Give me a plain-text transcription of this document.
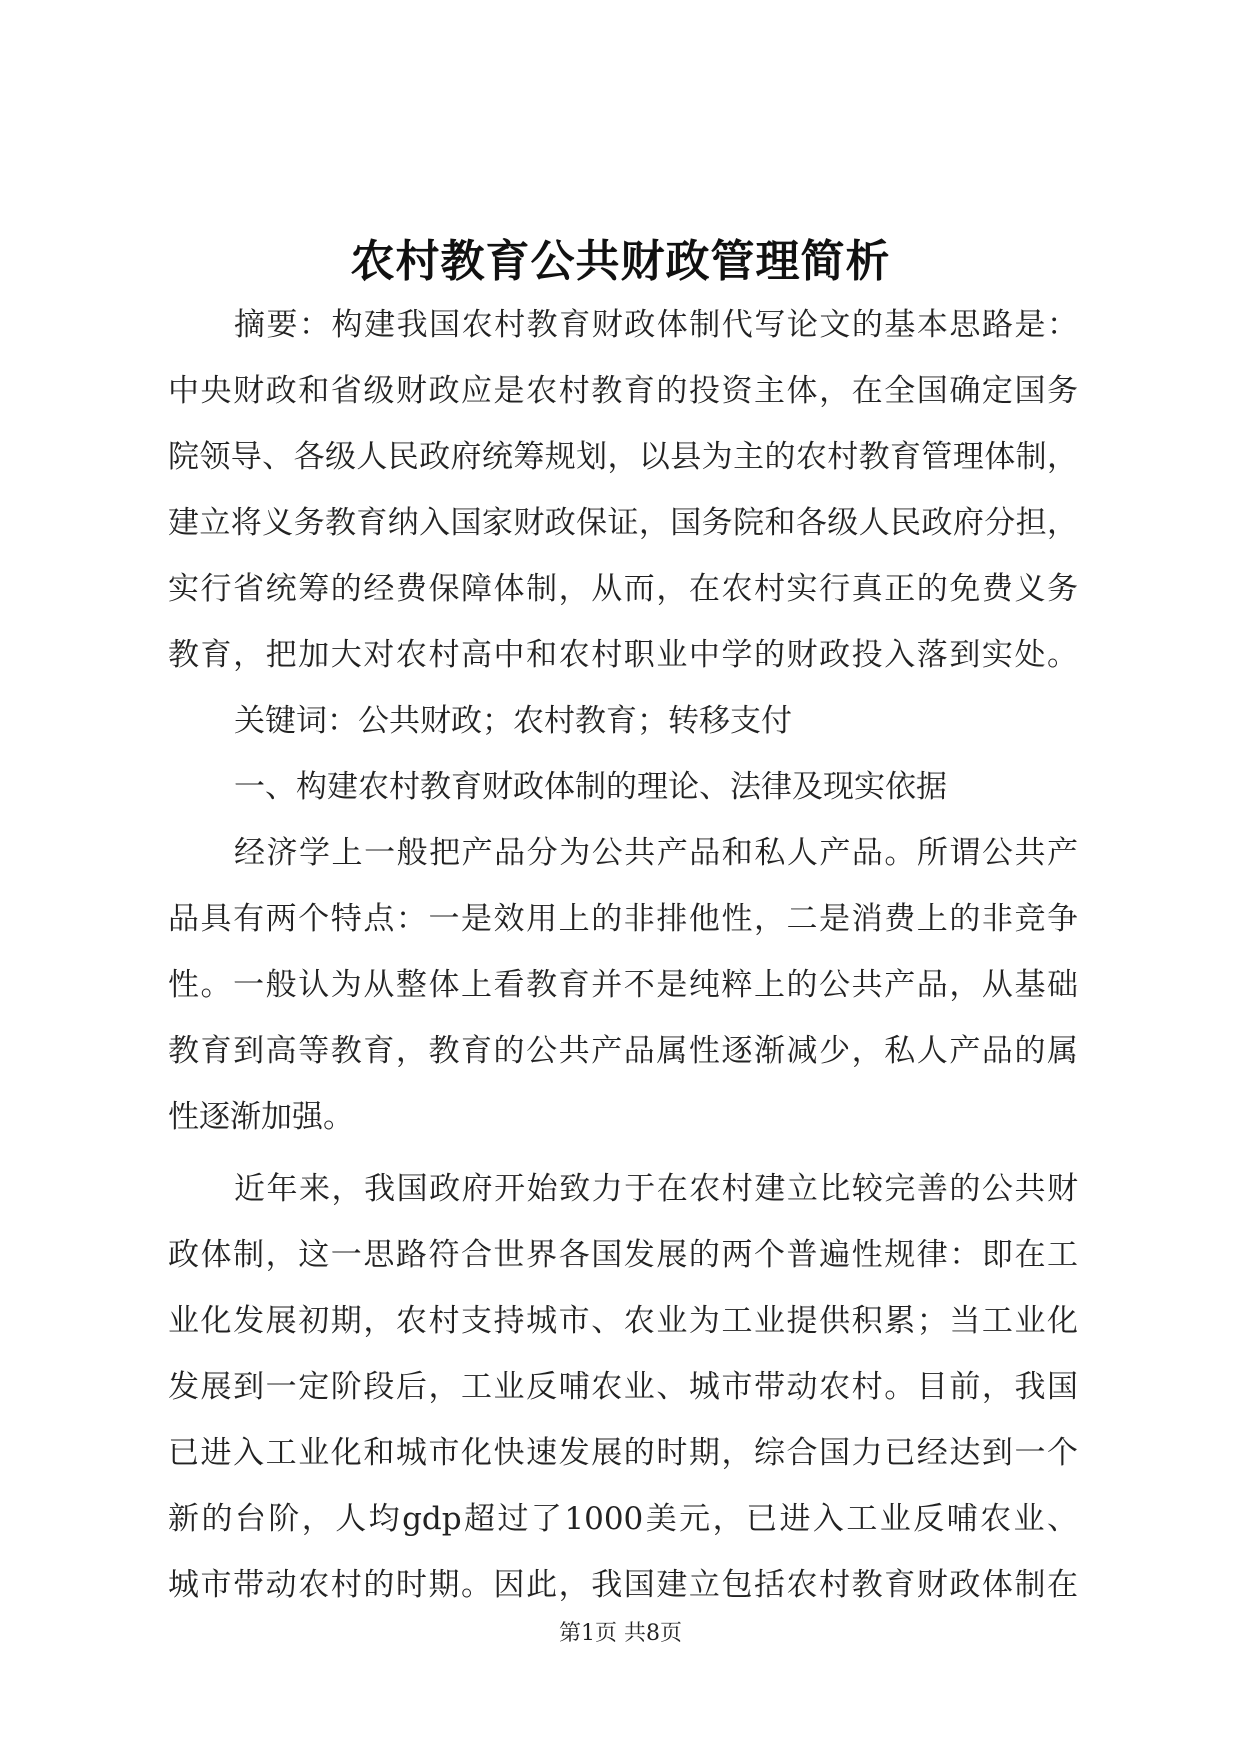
农村教育公共财政管理简析
摘要：构建我国农村教育财政体制代写论文的基本思路是：
中央财政和省级财政应是农村教育的投资主体，在全国确定国务
院领导、各级人民政府统筹规划，以县为主的农村教育管理体制，
建立将义务教育纳入国家财政保证，国务院和各级人民政府分担，
实行省统筹的经费保障体制，从而，在农村实行真正的免费义务
教育，把加大对农村高中和农村职业中学的财政投入落到实处。
关键词：公共财政；农村教育；转移支付
一、构建农村教育财政体制的理论、法律及现实依据
经济学上一般把产品分为公共产品和私人产品。所谓公共产
品具有两个特点：一是效用上的非排他性，二是消费上的非竞争
性。一般认为从整体上看教育并不是纯粹上的公共产品，从基础
教育到高等教育，教育的公共产品属性逐渐减少，私人产品的属
性逐渐加强。
近年来，我国政府开始致力于在农村建立比较完善的公共财
政体制，这一思路符合世界各国发展的两个普遍性规律：即在工
业化发展初期，农村支持城市、农业为工业提供积累；当工业化
发展到一定阶段后，工业反哺农业、城市带动农村。目前，我国
已进入工业化和城市化快速发展的时期，综合国力已经达到一个
新的台阶，人均gdp超过了1000美元，已进入工业反哺农业、
城市带动农村的时期。因此，我国建立包括农村教育财政体制在
第1页 共8页
